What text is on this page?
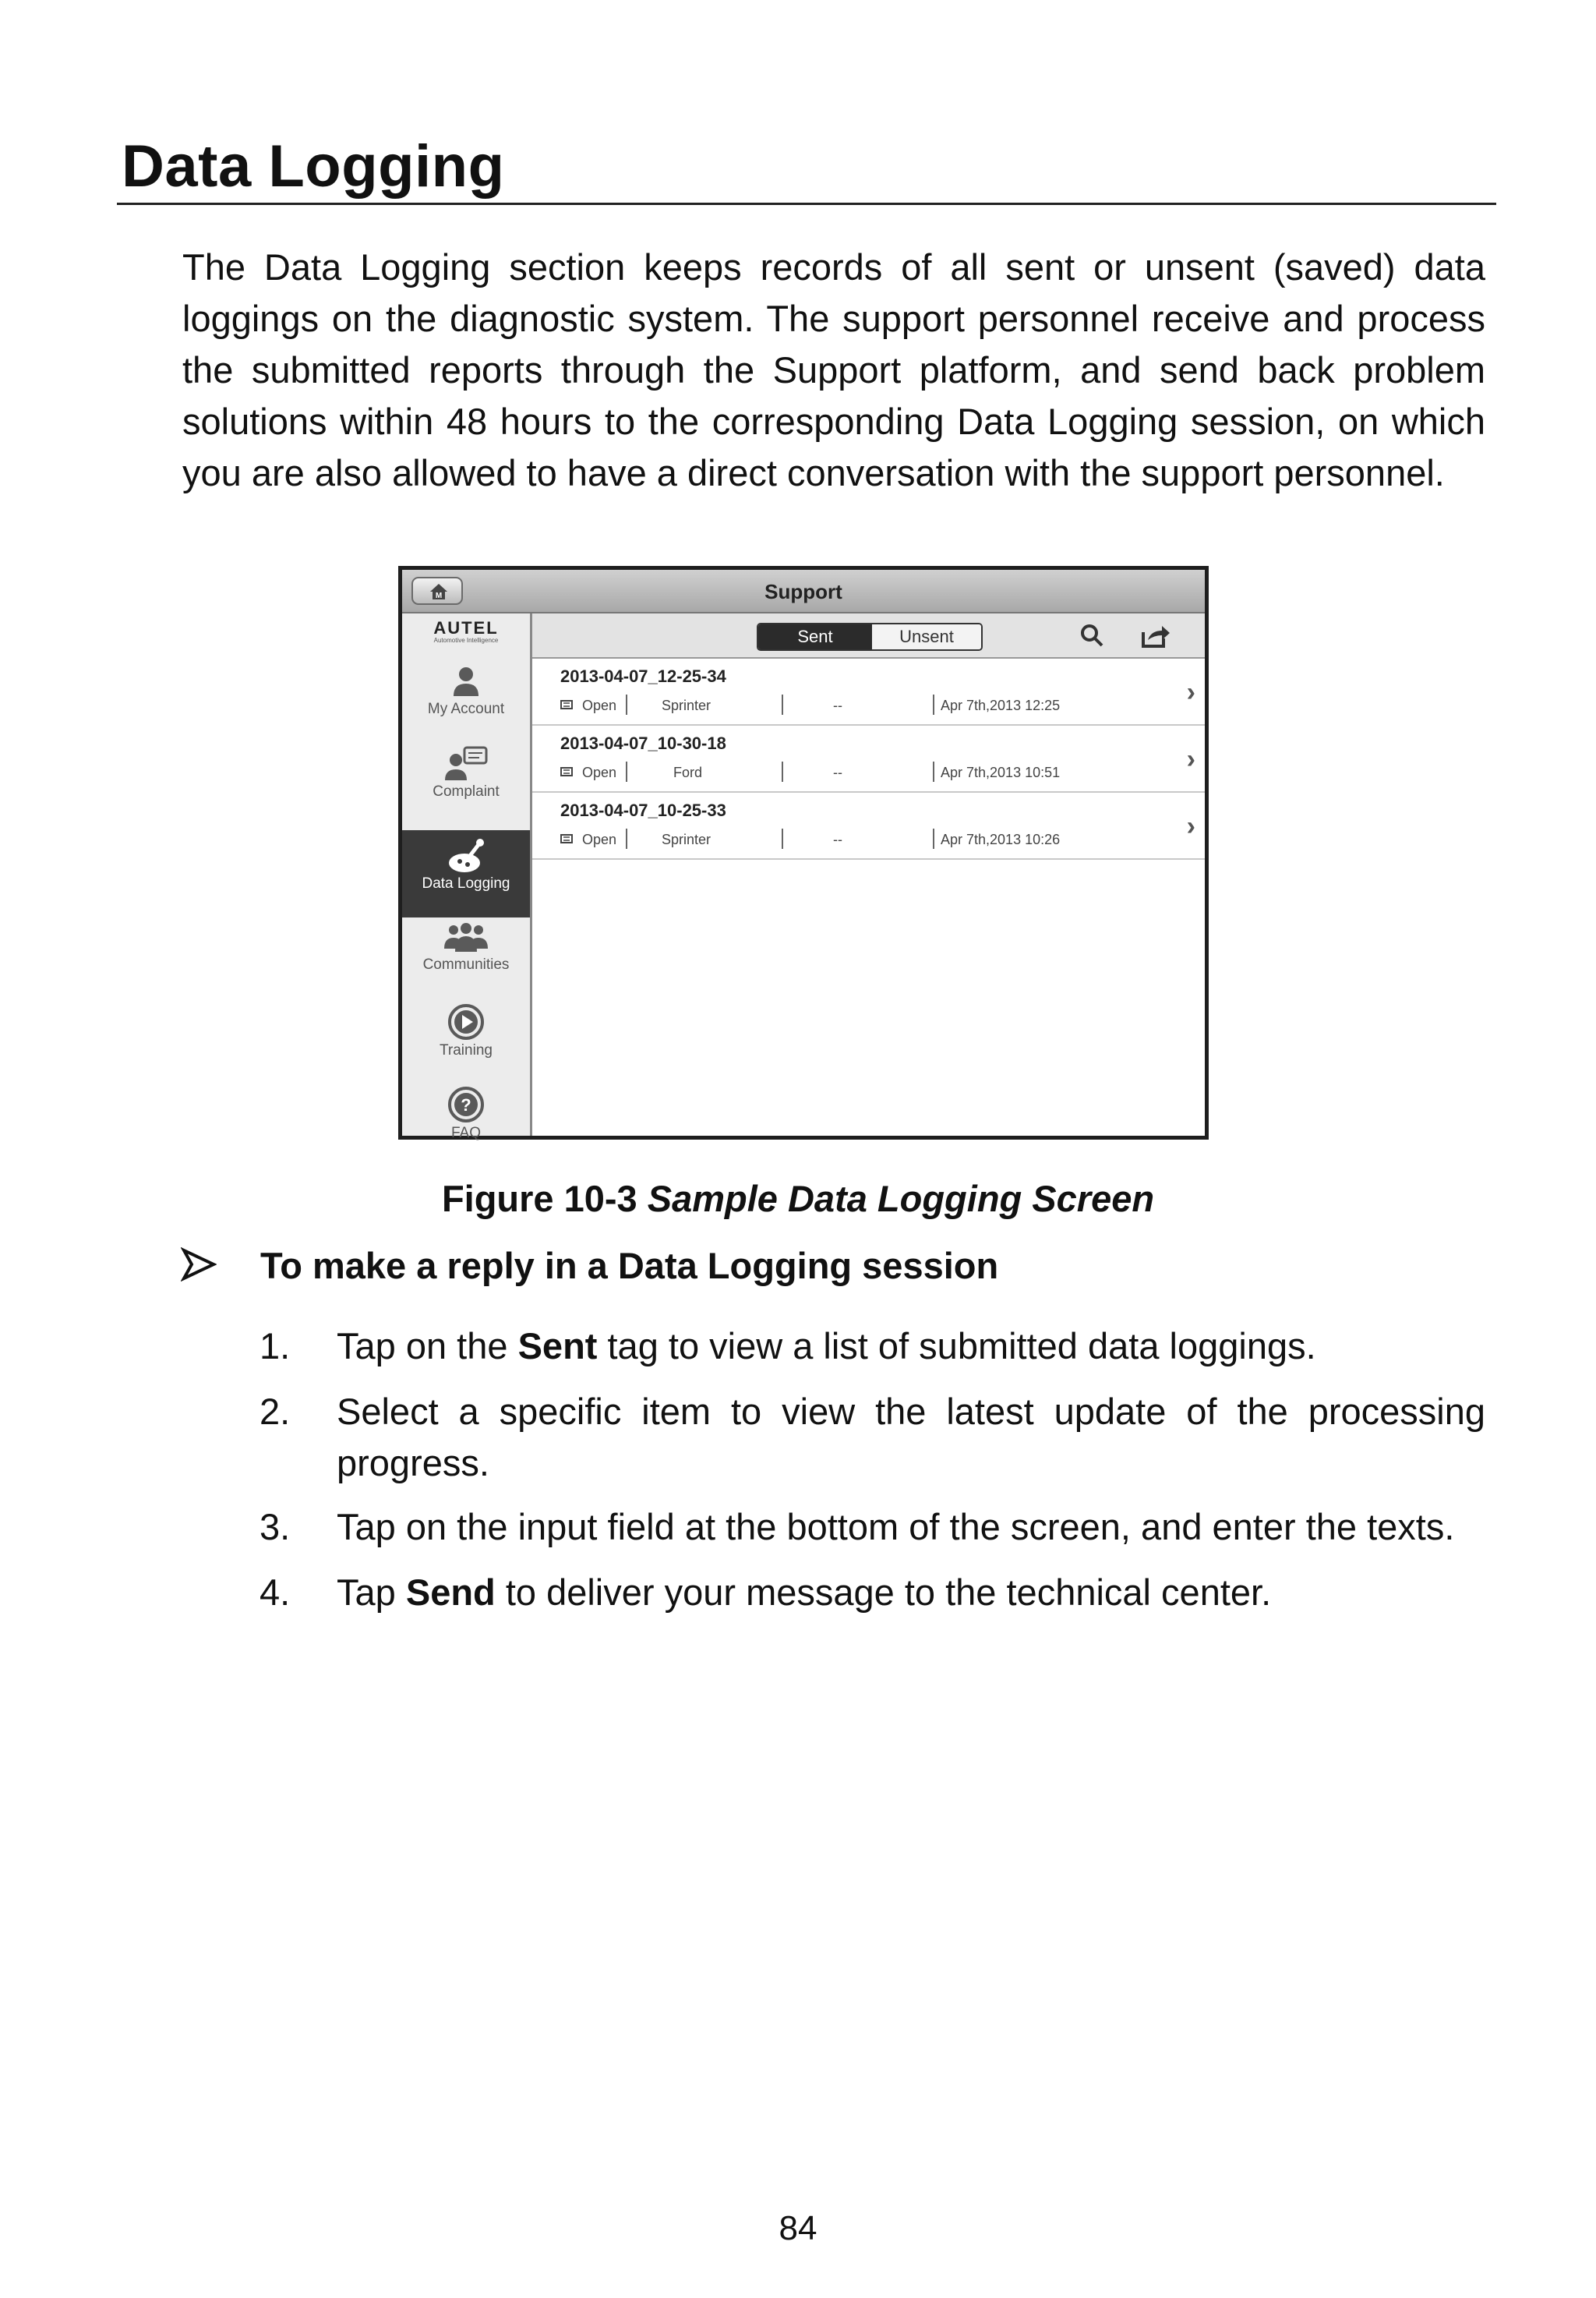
Data Logging

The Data Logging section keeps records of all sent or unsent (saved) data loggings on the diagnostic system. The support personnel receive and process the submitted reports through the Support platform, and send back problem solutions within 48 hours to the corresponding Data Logging session, on which you are also allowed to have a direct conversation with the support personnel.

M	Support
AUTEL
Automotive Intelligence
My Account
Complaint
Data Logging
Communities
Training
?
FAQ
Sent	Unsent
2013-04-07_12-25-34
Open	Sprinter	--	Apr 7th,2013 12:25	›
2013-04-07_10-30-18
Open	Ford	--	Apr 7th,2013 10:51	›
2013-04-07_10-25-33
Open	Sprinter	--	Apr 7th,2013 10:26	›
Figure 10-3 Sample Data Logging Screen
To make a reply in a Data Logging session
1. Tap on the Sent tag to view a list of submitted data loggings.
2. Select a specific item to view the latest update of the processing progress.
3. Tap on the input field at the bottom of the screen, and enter the texts.
4. Tap Send to deliver your message to the technical center.
84
